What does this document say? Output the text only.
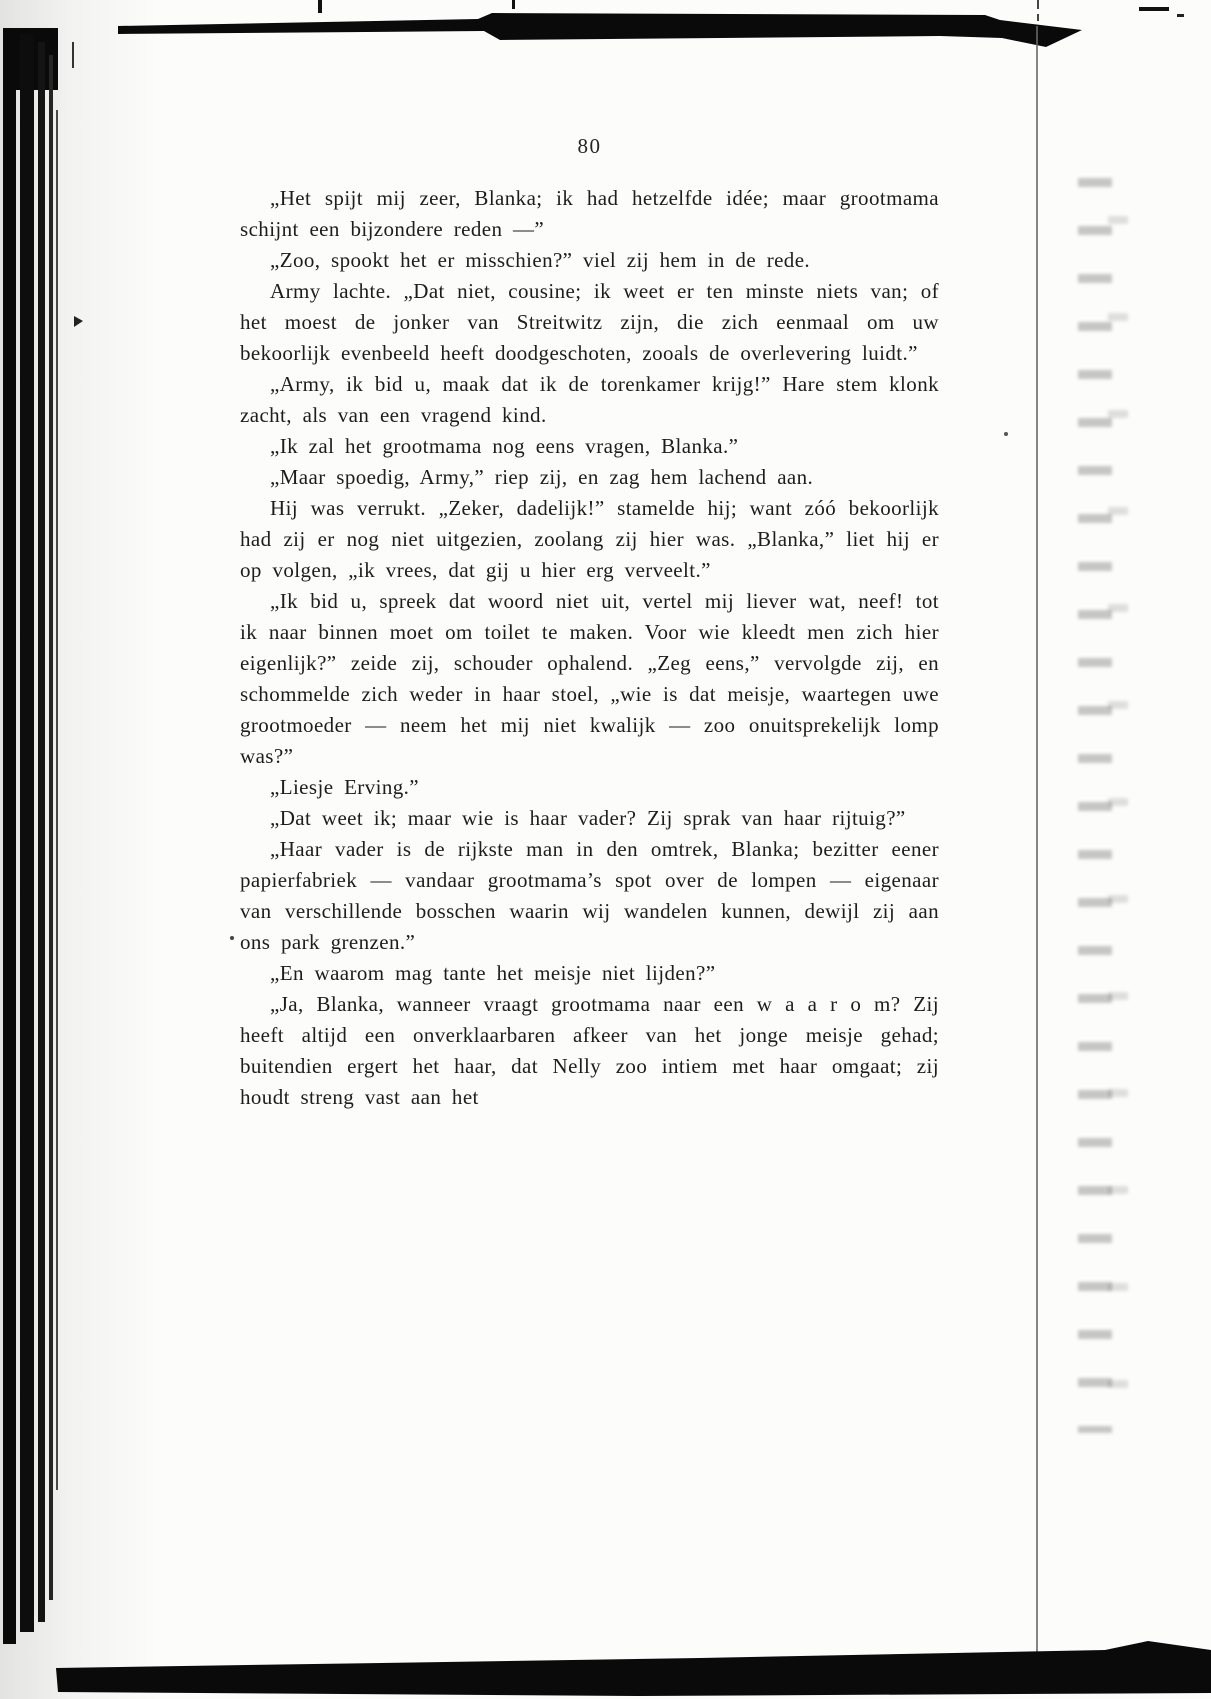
80

„Het spijt mij zeer, Blanka; ik had hetzelfde idée; maar grootmama schijnt een bijzondere reden —”

„Zoo, spookt het er misschien?” viel zij hem in de rede.

Army lachte. „Dat niet, cousine; ik weet er ten minste niets van; of het moest de jonker van Streitwitz zijn, die zich eenmaal om uw bekoorlijk evenbeeld heeft doodgeschoten, zooals de overlevering luidt.”

„Army, ik bid u, maak dat ik de torenkamer krijg!” Hare stem klonk zacht, als van een vragend kind.

„Ik zal het grootmama nog eens vragen, Blanka.”

„Maar spoedig, Army,” riep zij, en zag hem lachend aan.

Hij was verrukt. „Zeker, dadelijk!” stamelde hij; want zóó bekoorlijk had zij er nog niet uitgezien, zoolang zij hier was. „Blanka,” liet hij er op volgen, „ik vrees, dat gij u hier erg verveelt.”

„Ik bid u, spreek dat woord niet uit, vertel mij liever wat, neef! tot ik naar binnen moet om toilet te maken. Voor wie kleedt men zich hier eigenlijk?” zeide zij, schouder ophalend. „Zeg eens,” vervolgde zij, en schommelde zich weder in haar stoel, „wie is dat meisje, waartegen uwe grootmoeder — neem het mij niet kwalijk — zoo onuitsprekelijk lomp was?”

„Liesje Erving.”

„Dat weet ik; maar wie is haar vader? Zij sprak van haar rijtuig?”

„Haar vader is de rijkste man in den omtrek, Blanka; bezitter eener papierfabriek — vandaar grootmama’s spot over de lompen — eigenaar van verschillende bosschen waarin wij wandelen kunnen, dewijl zij aan ons park grenzen.”

„En waarom mag tante het meisje niet lijden?”

„Ja, Blanka, wanneer vraagt grootmama naar een w a a r o m? Zij heeft altijd een onverklaarbaren afkeer van het jonge meisje gehad; buitendien ergert het haar, dat Nelly zoo intiem met haar omgaat; zij houdt streng vast aan het
